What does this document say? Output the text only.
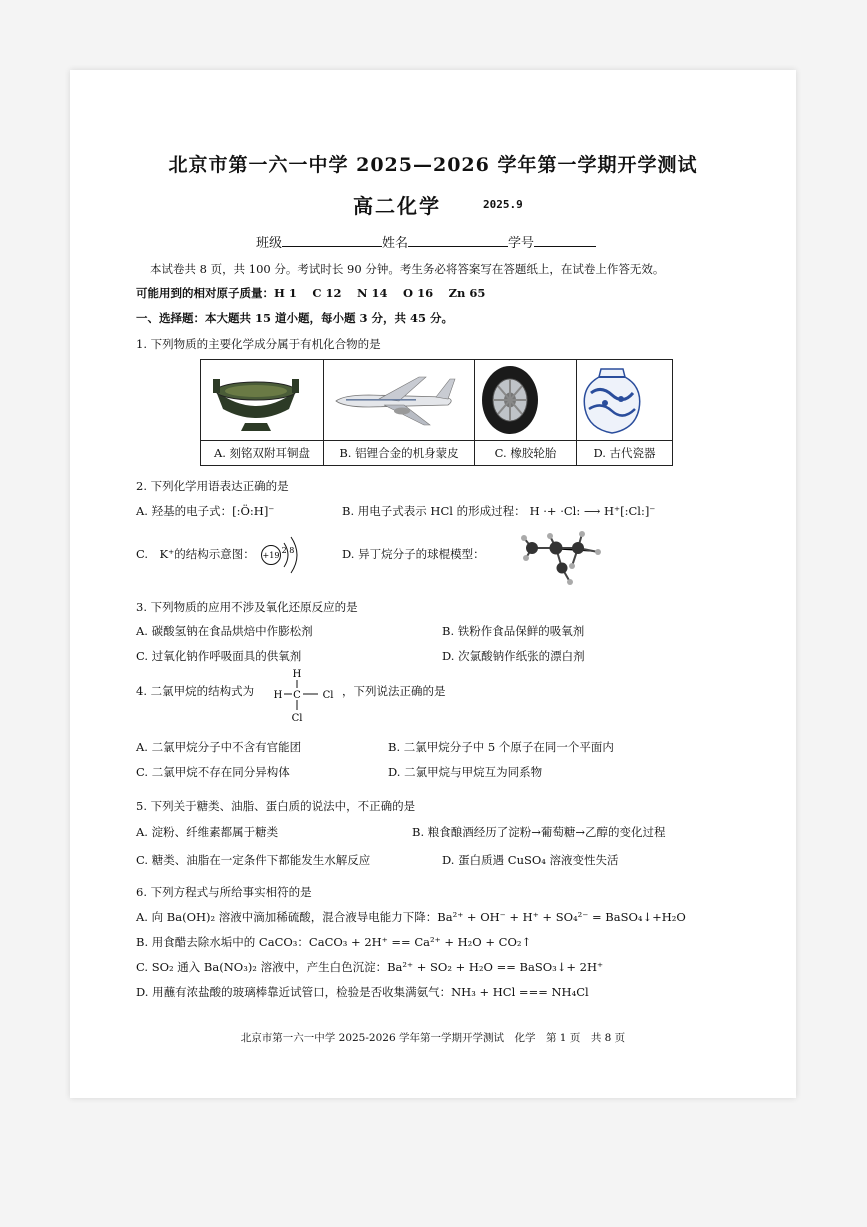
北京市第一六一中学 2025—2026 学年第一学期开学测试
高二化学	2025.9
班级	姓名	学号
本试卷共 8 页，共 100 分。考试时长 90 分钟。考生务必将答案写在答题纸上，在试卷上作答无效。
可能用到的相对原子质量：H 1　 C 12　 N 14　 O 16　 Zn 65
一、选择题：本大题共 15 道小题，每小题 3 分，共 45 分。
1. 下列物质的主要化学成分属于有机化合物的是

A. 刻铭双附耳铜盘	B. 铝锂合金的机身蒙皮	C. 橡胶轮胎	D. 古代瓷器
2. 下列化学用语表达正确的是
A. 羟基的电子式：[:Ö:H]⁻	B. 用电子式表示 HCl 的形成过程： H ·+ ·Cl: ⟶ H⁺[:Cl:]⁻
C.　K⁺的结构示意图： +19
2 8	D. 异丁烷分子的球棍模型：
3. 下列物质的应用不涉及氧化还原反应的是
A. 碳酸氢钠在食品烘焙中作膨松剂	B. 铁粉作食品保鲜的吸氧剂
C. 过氧化钠作呼吸面具的供氧剂	D. 次氯酸钠作纸张的漂白剂
4. 二氯甲烷的结构式为
H
H C Cl
Cl
，下列说法正确的是
A. 二氯甲烷分子中不含有官能团	B. 二氯甲烷分子中 5 个原子在同一个平面内
C. 二氯甲烷不存在同分异构体	D. 二氯甲烷与甲烷互为同系物
5. 下列关于糖类、油脂、蛋白质的说法中，不正确的是
A. 淀粉、纤维素都属于糖类	B. 粮食酿酒经历了淀粉→葡萄糖→乙醇的变化过程
C. 糖类、油脂在一定条件下都能发生水解反应	D. 蛋白质遇 CuSO₄ 溶液变性失活
6. 下列方程式与所给事实相符的是
A. 向 Ba(OH)₂ 溶液中滴加稀硫酸，混合液导电能力下降：Ba²⁺ + OH⁻ + H⁺ + SO₄²⁻ = BaSO₄↓+H₂O
B. 用食醋去除水垢中的 CaCO₃：CaCO₃ + 2H⁺ == Ca²⁺ + H₂O + CO₂↑
C. SO₂ 通入 Ba(NO₃)₂ 溶液中，产生白色沉淀：Ba²⁺ + SO₂ + H₂O == BaSO₃↓+ 2H⁺
D. 用蘸有浓盐酸的玻璃棒靠近试管口，检验是否收集满氨气：NH₃ + HCl === NH₄Cl
北京市第一六一中学 2025-2026 学年第一学期开学测试　化学　第 1 页　共 8 页
